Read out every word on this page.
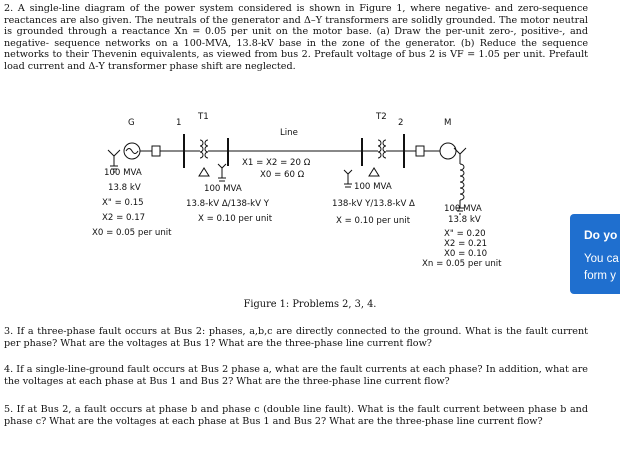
2. A single-line diagram of the power system considered is shown in Figure 1, where negative- and zero-sequence reactances are also given. The neutrals of the generator and Δ–Y transformers are solidly grounded. The motor neutral is grounded through a reactance Xn = 0.05 per unit on the motor base. (a) Draw the per-unit zero-, positive-, and negative- sequence networks on a 100-MVA, 13.8-kV base in the zone of the generator. (b) Reduce the sequence networks to their Thevenin equivalents, as viewed from bus 2. Prefault voltage of bus 2 is VF = 1.05 per unit. Prefault load current and Δ-Y transformer phase shift are neglected.

G	1
T1
Line
X1 = X2 = 20 Ω
X0 = 60 Ω
T2
2	M
100 MVA
13.8 kV
X" = 0.15
X2 = 0.17
X0 = 0.05 per unit
100 MVA
13.8-kV Δ/138-kV Y
X = 0.10 per unit
100 MVA
138-kV Y/13.8-kV Δ
X = 0.10 per unit
100 MVA
13.8 kV
X" = 0.20
X2 = 0.21
X0 = 0.10
Xn = 0.05 per unit
Figure 1: Problems 2, 3, 4.

3. If a three-phase fault occurs at Bus 2: phases, a,b,c are directly connected to the ground. What is the fault current per phase? What are the voltages at Bus 1? What are the three-phase line current flow?

4. If a single-line-ground fault occurs at Bus 2 phase a, what are the fault currents at each phase? In addition, what are the voltages at each phase at Bus 1 and Bus 2? What are the three-phase line current flow?

5. If at Bus 2, a fault occurs at phase b and phase c (double line fault). What is the fault current between phase b and phase c? What are the voltages at each phase at Bus 1 and Bus 2? What are the three-phase line current flow?

Do yo
You ca
form y
